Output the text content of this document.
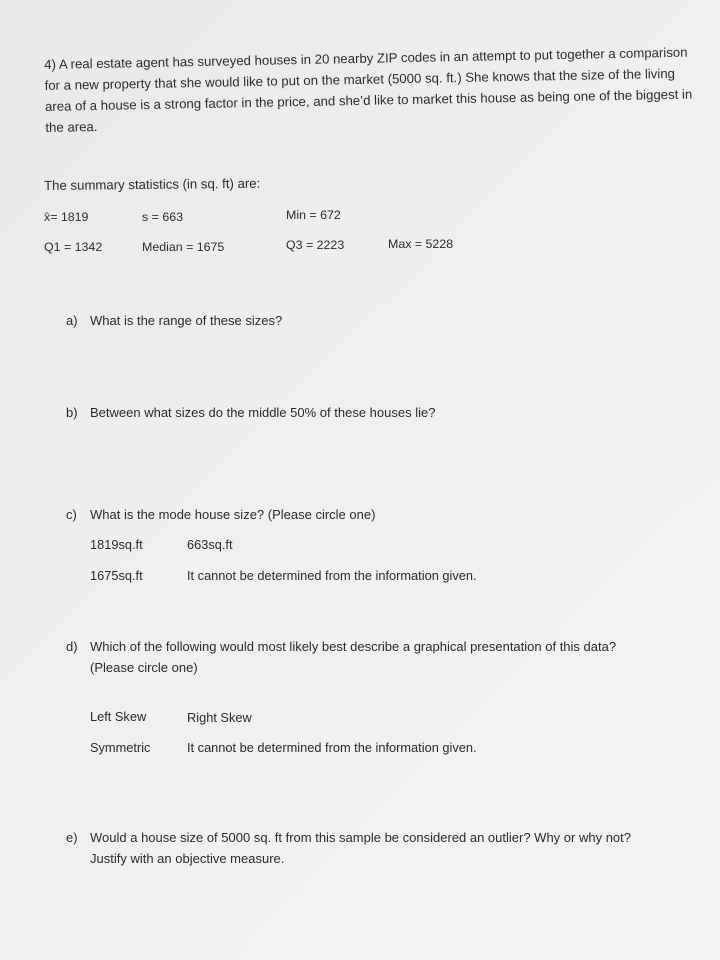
4) A real estate agent has surveyed houses in 20 nearby ZIP codes in an attempt to put together a comparison for a new property that she would like to put on the market (5000 sq. ft.) She knows that the size of the living area of a house is a strong factor in the price, and she’d like to market this house as being one of the biggest in the area.
The summary statistics (in sq. ft) are:
x̄= 1819	s = 663	Min = 672
Q1 = 1342	Median = 1675	Q3 = 2223	Max = 5228
a) What is the range of these sizes?
b) Between what sizes do the middle 50% of these houses lie?
c) What is the mode house size? (Please circle one)
1819sq.ft	663sq.ft
1675sq.ft	It cannot be determined from the information given.
d) Which of the following would most likely best describe a graphical presentation of this data?
(Please circle one)
Left Skew	Right Skew
Symmetric	It cannot be determined from the information given.
e) Would a house size of 5000 sq. ft from this sample be considered an outlier? Why or why not?
Justify with an objective measure.
